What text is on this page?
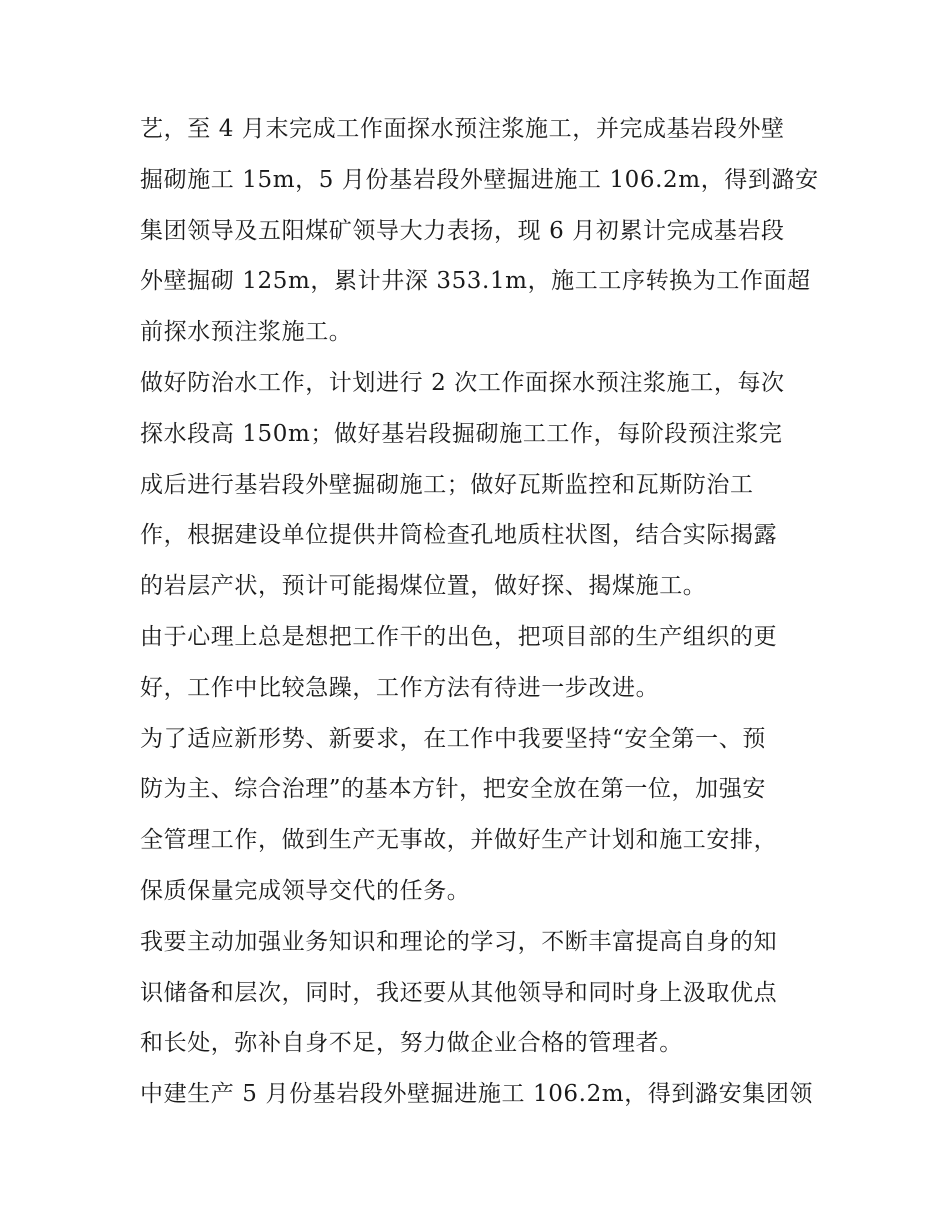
艺，至 4 月末完成工作面探水预注浆施工，并完成基岩段外壁
掘砌施工 15m，5 月份基岩段外壁掘进施工 106.2m，得到潞安
集团领导及五阳煤矿领导大力表扬，现 6 月初累计完成基岩段
外壁掘砌 125m，累计井深 353.1m，施工工序转换为工作面超
前探水预注浆施工。

做好防治水工作，计划进行 2 次工作面探水预注浆施工，每次
探水段高 150m；做好基岩段掘砌施工工作，每阶段预注浆完
成后进行基岩段外壁掘砌施工；做好瓦斯监控和瓦斯防治工
作，根据建设单位提供井筒检查孔地质柱状图，结合实际揭露
的岩层产状，预计可能揭煤位置，做好探、揭煤施工。

由于心理上总是想把工作干的出色，把项目部的生产组织的更
好，工作中比较急躁，工作方法有待进一步改进。

为了适应新形势、新要求，在工作中我要坚持“安全第一、预
防为主、综合治理”的基本方针，把安全放在第一位，加强安
全管理工作，做到生产无事故，并做好生产计划和施工安排，
保质保量完成领导交代的任务。

我要主动加强业务知识和理论的学习，不断丰富提高自身的知
识储备和层次，同时，我还要从其他领导和同时身上汲取优点
和长处，弥补自身不足，努力做企业合格的管理者。

中建生产 5 月份基岩段外壁掘进施工 106.2m，得到潞安集团领
